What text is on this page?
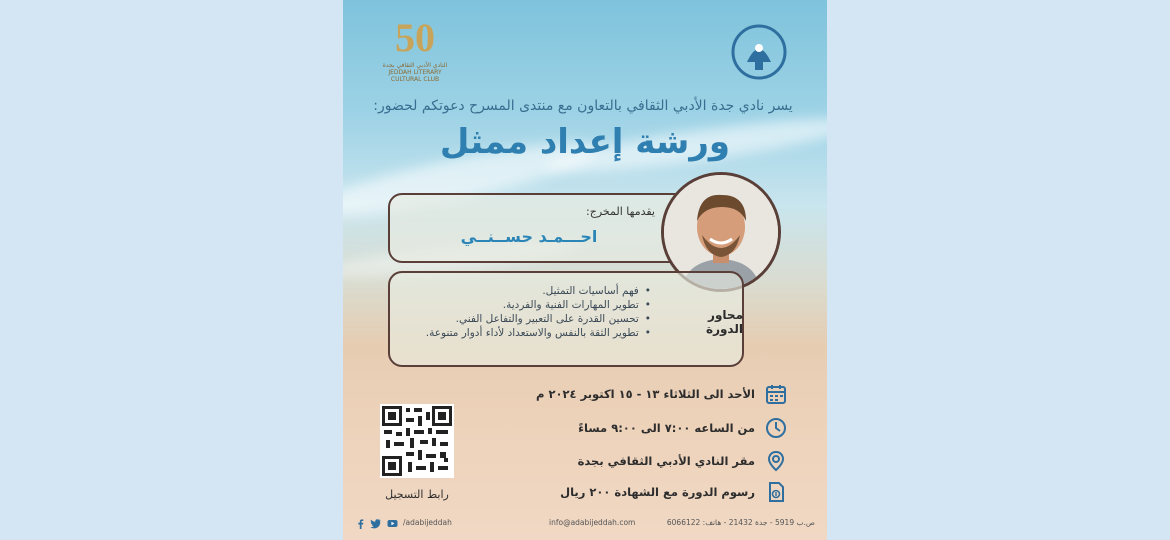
50
النادي الأدبي الثقافي بجدة
JEDDAH LITERARY CULTURAL CLUB
يسر نادي جدة الأدبي الثقافي بالتعاون مع منتدى المسرح دعوتكم لحضور:
ورشة إعداد ممثل
يقدمها المخرج:
احـــمـد حســنــي
محاور الدورة
• فهم أساسيات التمثيل.
• تطوير المهارات الفنية والفردية.
• تحسين القدرة على التعبير والتفاعل الفني.
• تطوير الثقة بالنفس والاستعداد لأداء أدوار متنوعة.
الأحد الى الثلاثاء ١٣ - ١٥ اكتوبر ٢٠٢٤ م
من الساعه ٧:٠٠ الى ٩:٠٠ مساءً
مقر النادي الأدبي الثقافي بجدة
رسوم الدورة مع الشهادة ٢٠٠ ريال
رابط التسجيل
/adabijeddah	info@adabijeddah.com	ص.ب 5919 - جدة 21432 - هاتف: 6066122
